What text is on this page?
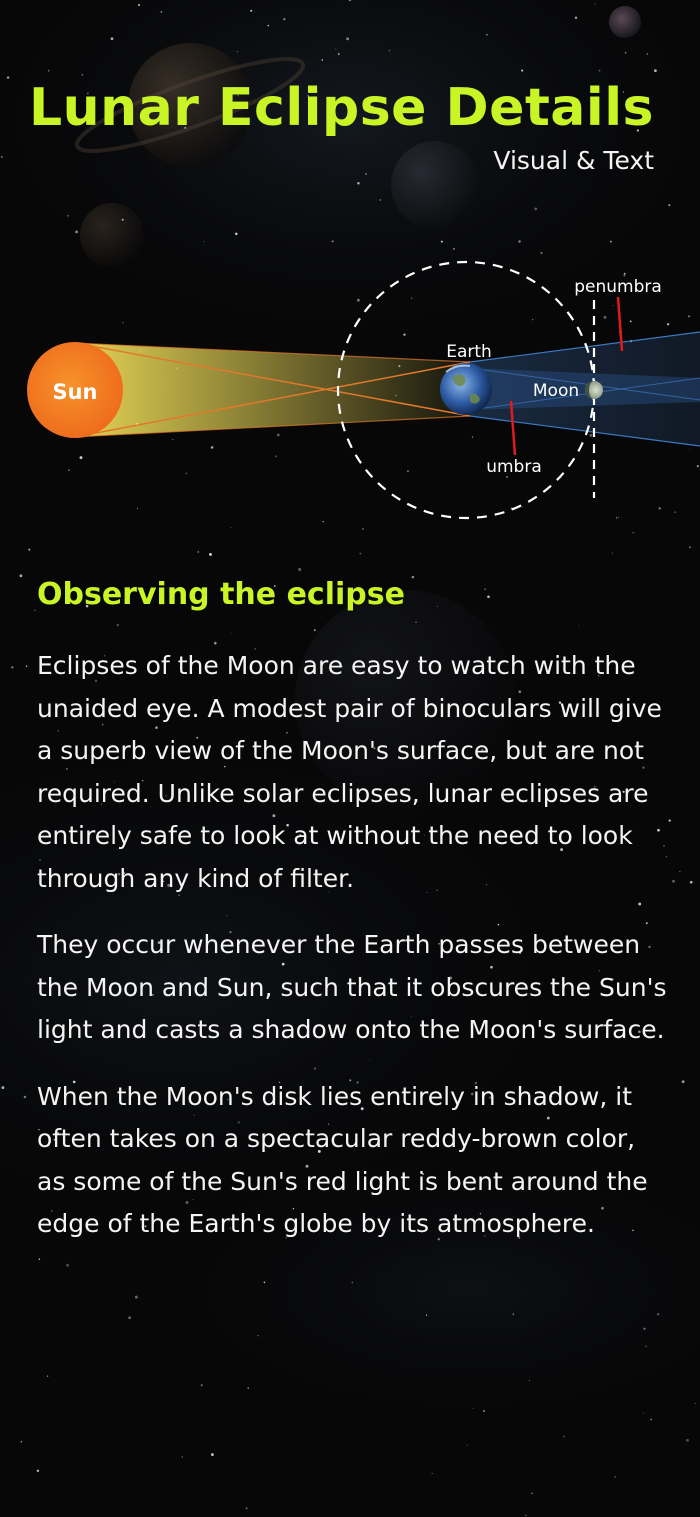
Lunar Eclipse Details
Visual & Text
Sun
Earth
Moon
penumbra
umbra
Observing the eclipse

Eclipses of the Moon are easy to watch with the unaided eye. A modest pair of binoculars will give a superb view of the Moon's surface, but are not required. Unlike solar eclipses, lunar eclipses are entirely safe to look at without the need to look through any kind of filter.

They occur whenever the Earth passes between the Moon and Sun, such that it obscures the Sun's light and casts a shadow onto the Moon's surface.

When the Moon's disk lies entirely in shadow, it often takes on a spectacular reddy-brown color, as some of the Sun's red light is bent around the edge of the Earth's globe by its atmosphere.
